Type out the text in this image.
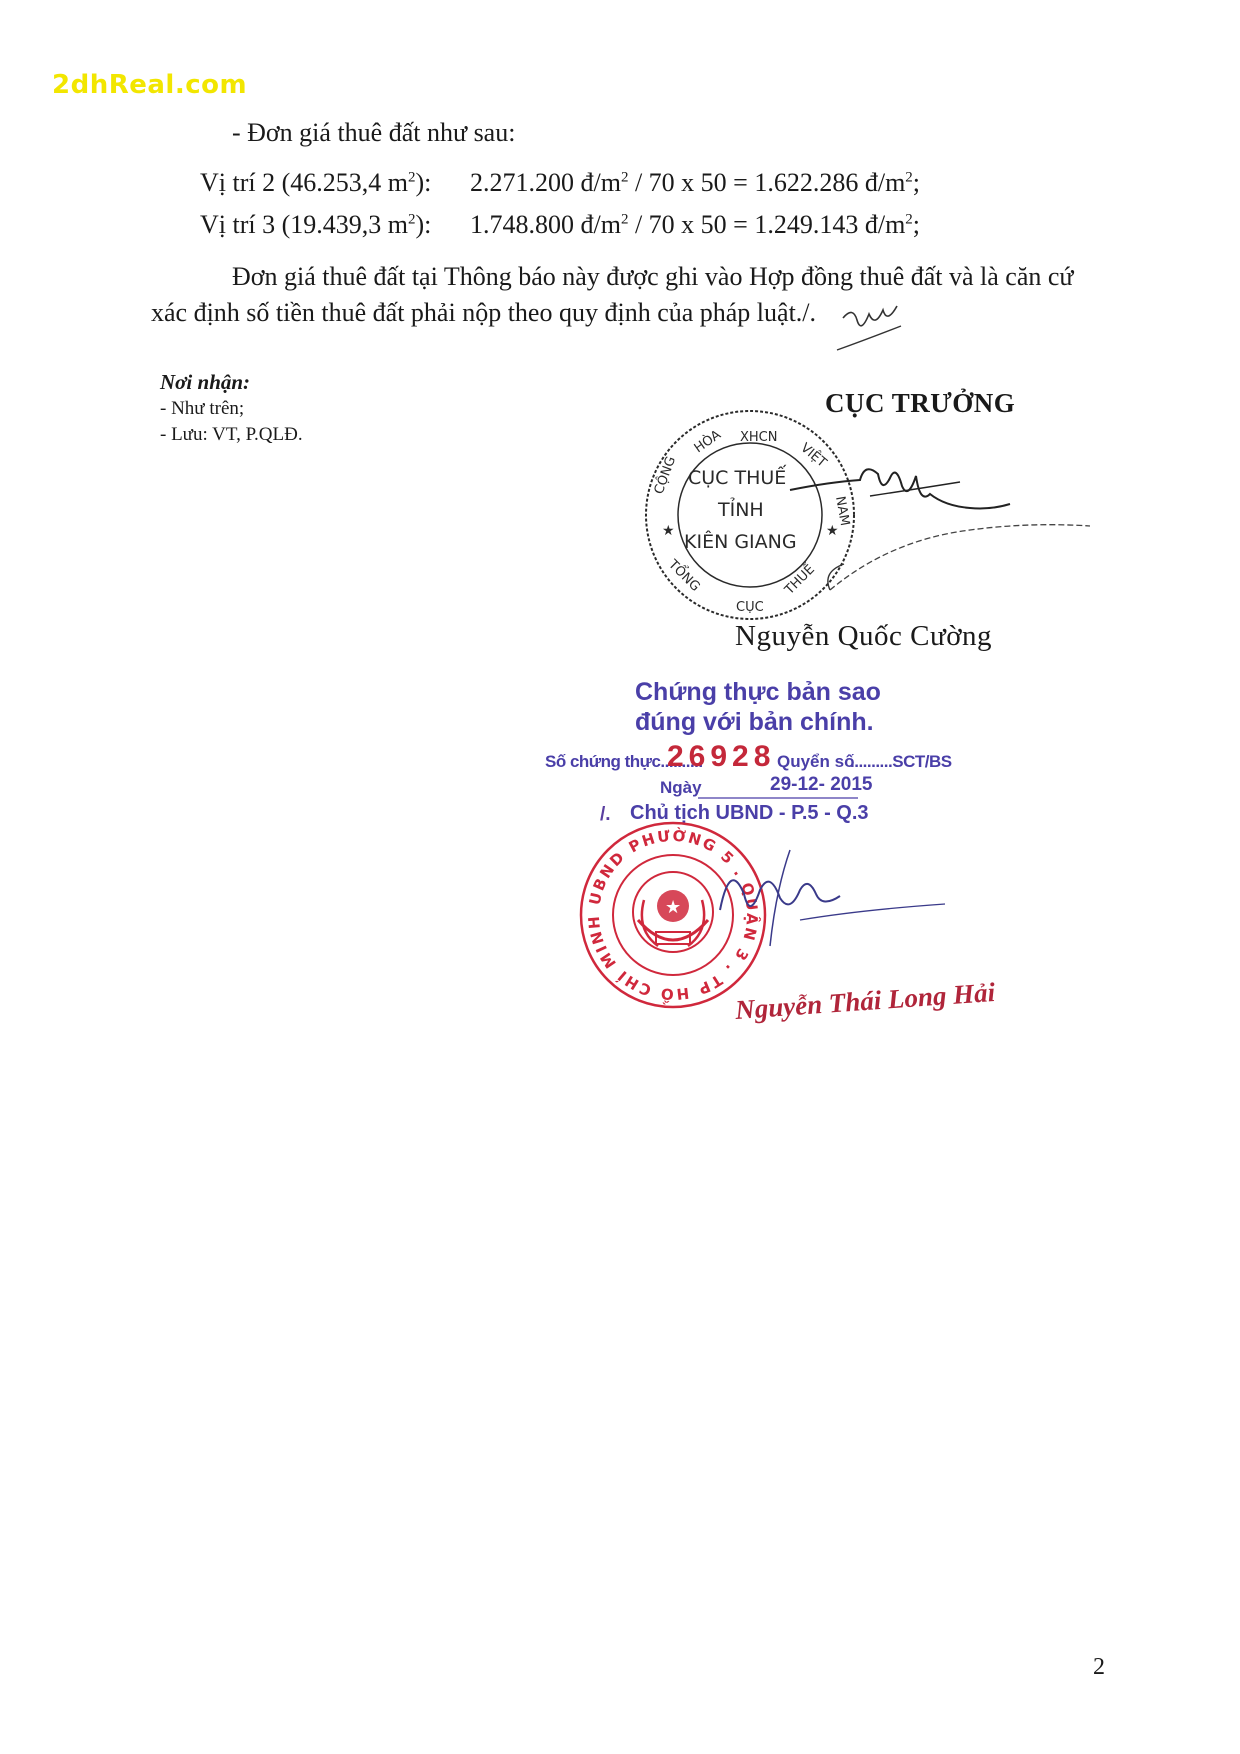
2dhReal.com
- Đơn giá thuê đất như sau:
Vị trí 2 (46.253,4 $m^2$): 2.271.200 $đ/m^2 / 70$ x 50 = 1.622.286 $đ/m^2$;
Vị trí 3 (19.439,3 $m^2$): 1.748.800 $đ/m^2 / 70$ x 50 = 1.249.143 $đ/m^2$;
Đơn giá thuê đất tại Thông báo này được ghi vào Hợp đồng thuê đất và là căn cứ
xác định số tiền thuê đất phải nộp theo quy định của pháp luật./.
Nơi nhận:
- Như trên;
- Lưu: VT, P.QLĐ.
CỤC TRƯỞNG
XHCN
HÒA
CỘNG	VIỆT
NAM
TỔNG
CỤC
THUẾ
★	★
CỤC THUẾ
TỈNH
KIÊN GIANG
Nguyễn Quốc Cường
Chứng thực bản sao
đúng với bản chính.
Số chứng thực..........
26928 Quyển số
..........SCT/BS
Ngày	29-12- 2015
/. Chủ tịch UBND - P.5 - Q.3
UBND PHƯỜNG 5 . QUẬN 3 . TP HỒ CHÍ MINH
★
Nguyễn Thái Long Hải
2
